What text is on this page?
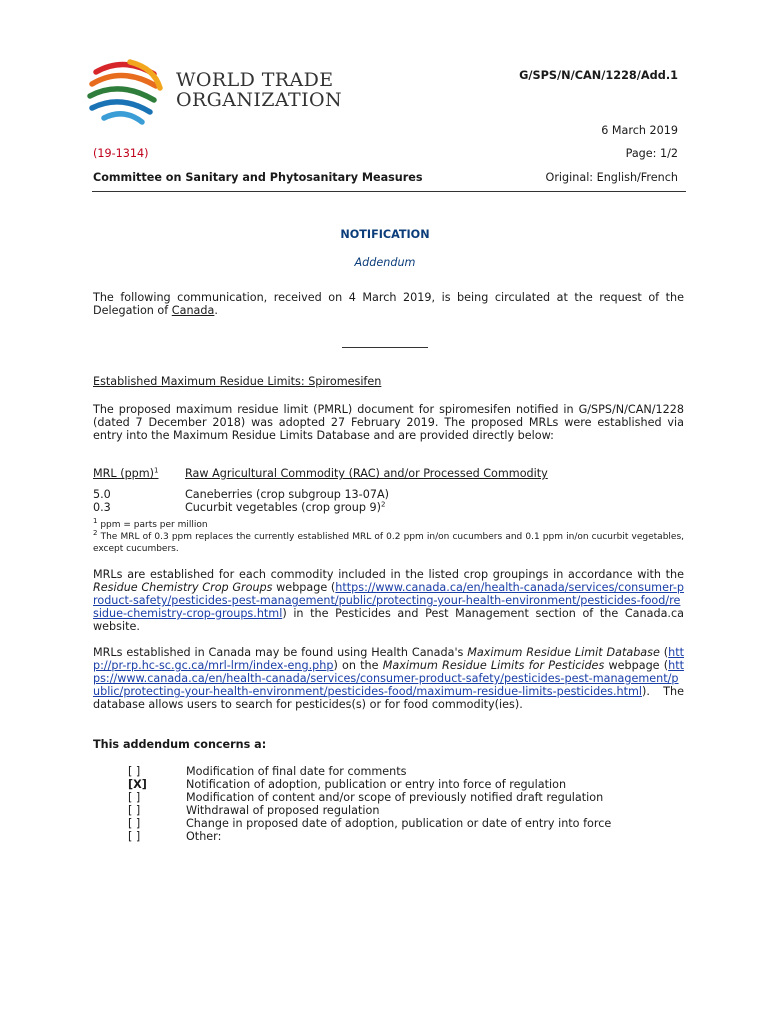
WORLD TRADE
ORGANIZATION
G/SPS/N/CAN/1228/Add.1
6 March 2019
(19-1314)	Page: 1/2
Committee on Sanitary and Phytosanitary Measures	Original: English/French
NOTIFICATION
Addendum
The following communication, received on 4 March 2019, is being circulated at the request of the Delegation of Canada.
Established Maximum Residue Limits: Spiromesifen
The proposed maximum residue limit (PMRL) document for spiromesifen notified in G/SPS/N/CAN/1228 (dated 7 December 2018) was adopted 27 February 2019. The proposed MRLs were established via entry into the Maximum Residue Limits Database and are provided directly below:
MRL (ppm)$^1$ Raw Agricultural Commodity (RAC) and/or Processed Commodity
5.0	Caneberries (crop subgroup 13-07A)
0.3	Cucurbit vegetables (crop group 9)$^2$
$^1$ ppm = parts per million
$^2$ The MRL of 0.3 ppm replaces the currently established MRL of 0.2 ppm in/on cucumbers and 0.1 ppm in/on cucurbit vegetables, except cucumbers.
MRLs are established for each commodity included in the listed crop groupings in accordance with the Residue Chemistry Crop Groups webpage (https://www.canada.ca/en/health-canada/services/consumer-product-safety/pesticides-pest-management/public/protecting-your-health-environment/pesticides-food/residue-chemistry-crop-groups.html) in the Pesticides and Pest Management section of the Canada.ca website.
MRLs established in Canada may be found using Health Canada's Maximum Residue Limit Database (http://pr-rp.hc-sc.gc.ca/mrl-lrm/index-eng.php) on the Maximum Residue Limits for Pesticides webpage (https://www.canada.ca/en/health-canada/services/consumer-product-safety/pesticides-pest-management/public/protecting-your-health-environment/pesticides-food/maximum-residue-limits-pesticides.html). The database allows users to search for pesticides(s) or for food commodity(ies).
This addendum concerns a:
[ ]	Modification of final date for comments
[X]	Notification of adoption, publication or entry into force of regulation
[ ]	Modification of content and/or scope of previously notified draft regulation
[ ]	Withdrawal of proposed regulation
[ ]	Change in proposed date of adoption, publication or date of entry into force
[ ]	Other:
